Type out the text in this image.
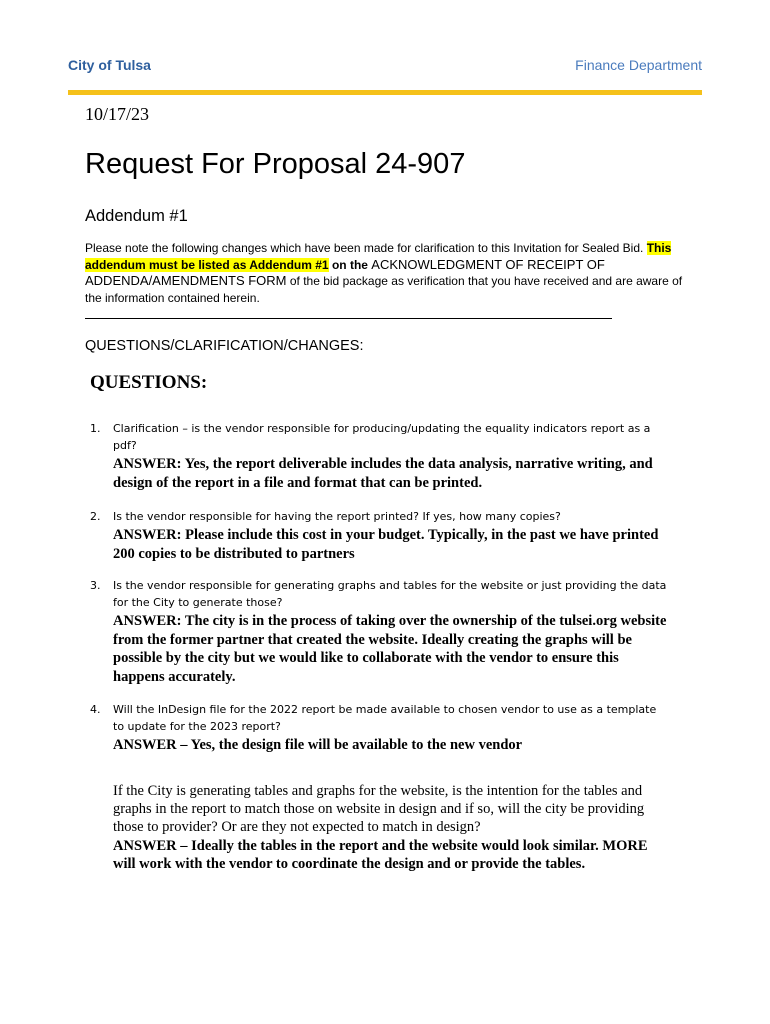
City of Tulsa	Finance Department
10/17/23
Request For Proposal 24-907
Addendum #1
Please note the following changes which have been made for clarification to this Invitation for Sealed Bid. This addendum must be listed as Addendum #1 on the ACKNOWLEDGMENT OF RECEIPT OF ADDENDA/AMENDMENTS FORM of the bid package as verification that you have received and are aware of the information contained herein.
QUESTIONS/CLARIFICATION/CHANGES:
QUESTIONS:
1. Clarification – is the vendor responsible for producing/updating the equality indicators report as a pdf?
ANSWER: Yes, the report deliverable includes the data analysis, narrative writing, and design of the report in a file and format that can be printed.
2. Is the vendor responsible for having the report printed? If yes, how many copies?
ANSWER: Please include this cost in your budget. Typically, in the past we have printed 200 copies to be distributed to partners
3. Is the vendor responsible for generating graphs and tables for the website or just providing the data for the City to generate those?
ANSWER: The city is in the process of taking over the ownership of the tulsei.org website from the former partner that created the website. Ideally creating the graphs will be possible by the city but we would like to collaborate with the vendor to ensure this happens accurately.
4. Will the InDesign file for the 2022 report be made available to chosen vendor to use as a template to update for the 2023 report?
ANSWER – Yes, the design file will be available to the new vendor
If the City is generating tables and graphs for the website, is the intention for the tables and graphs in the report to match those on website in design and if so, will the city be providing those to provider? Or are they not expected to match in design?
ANSWER – Ideally the tables in the report and the website would look similar. MORE will work with the vendor to coordinate the design and or provide the tables.
